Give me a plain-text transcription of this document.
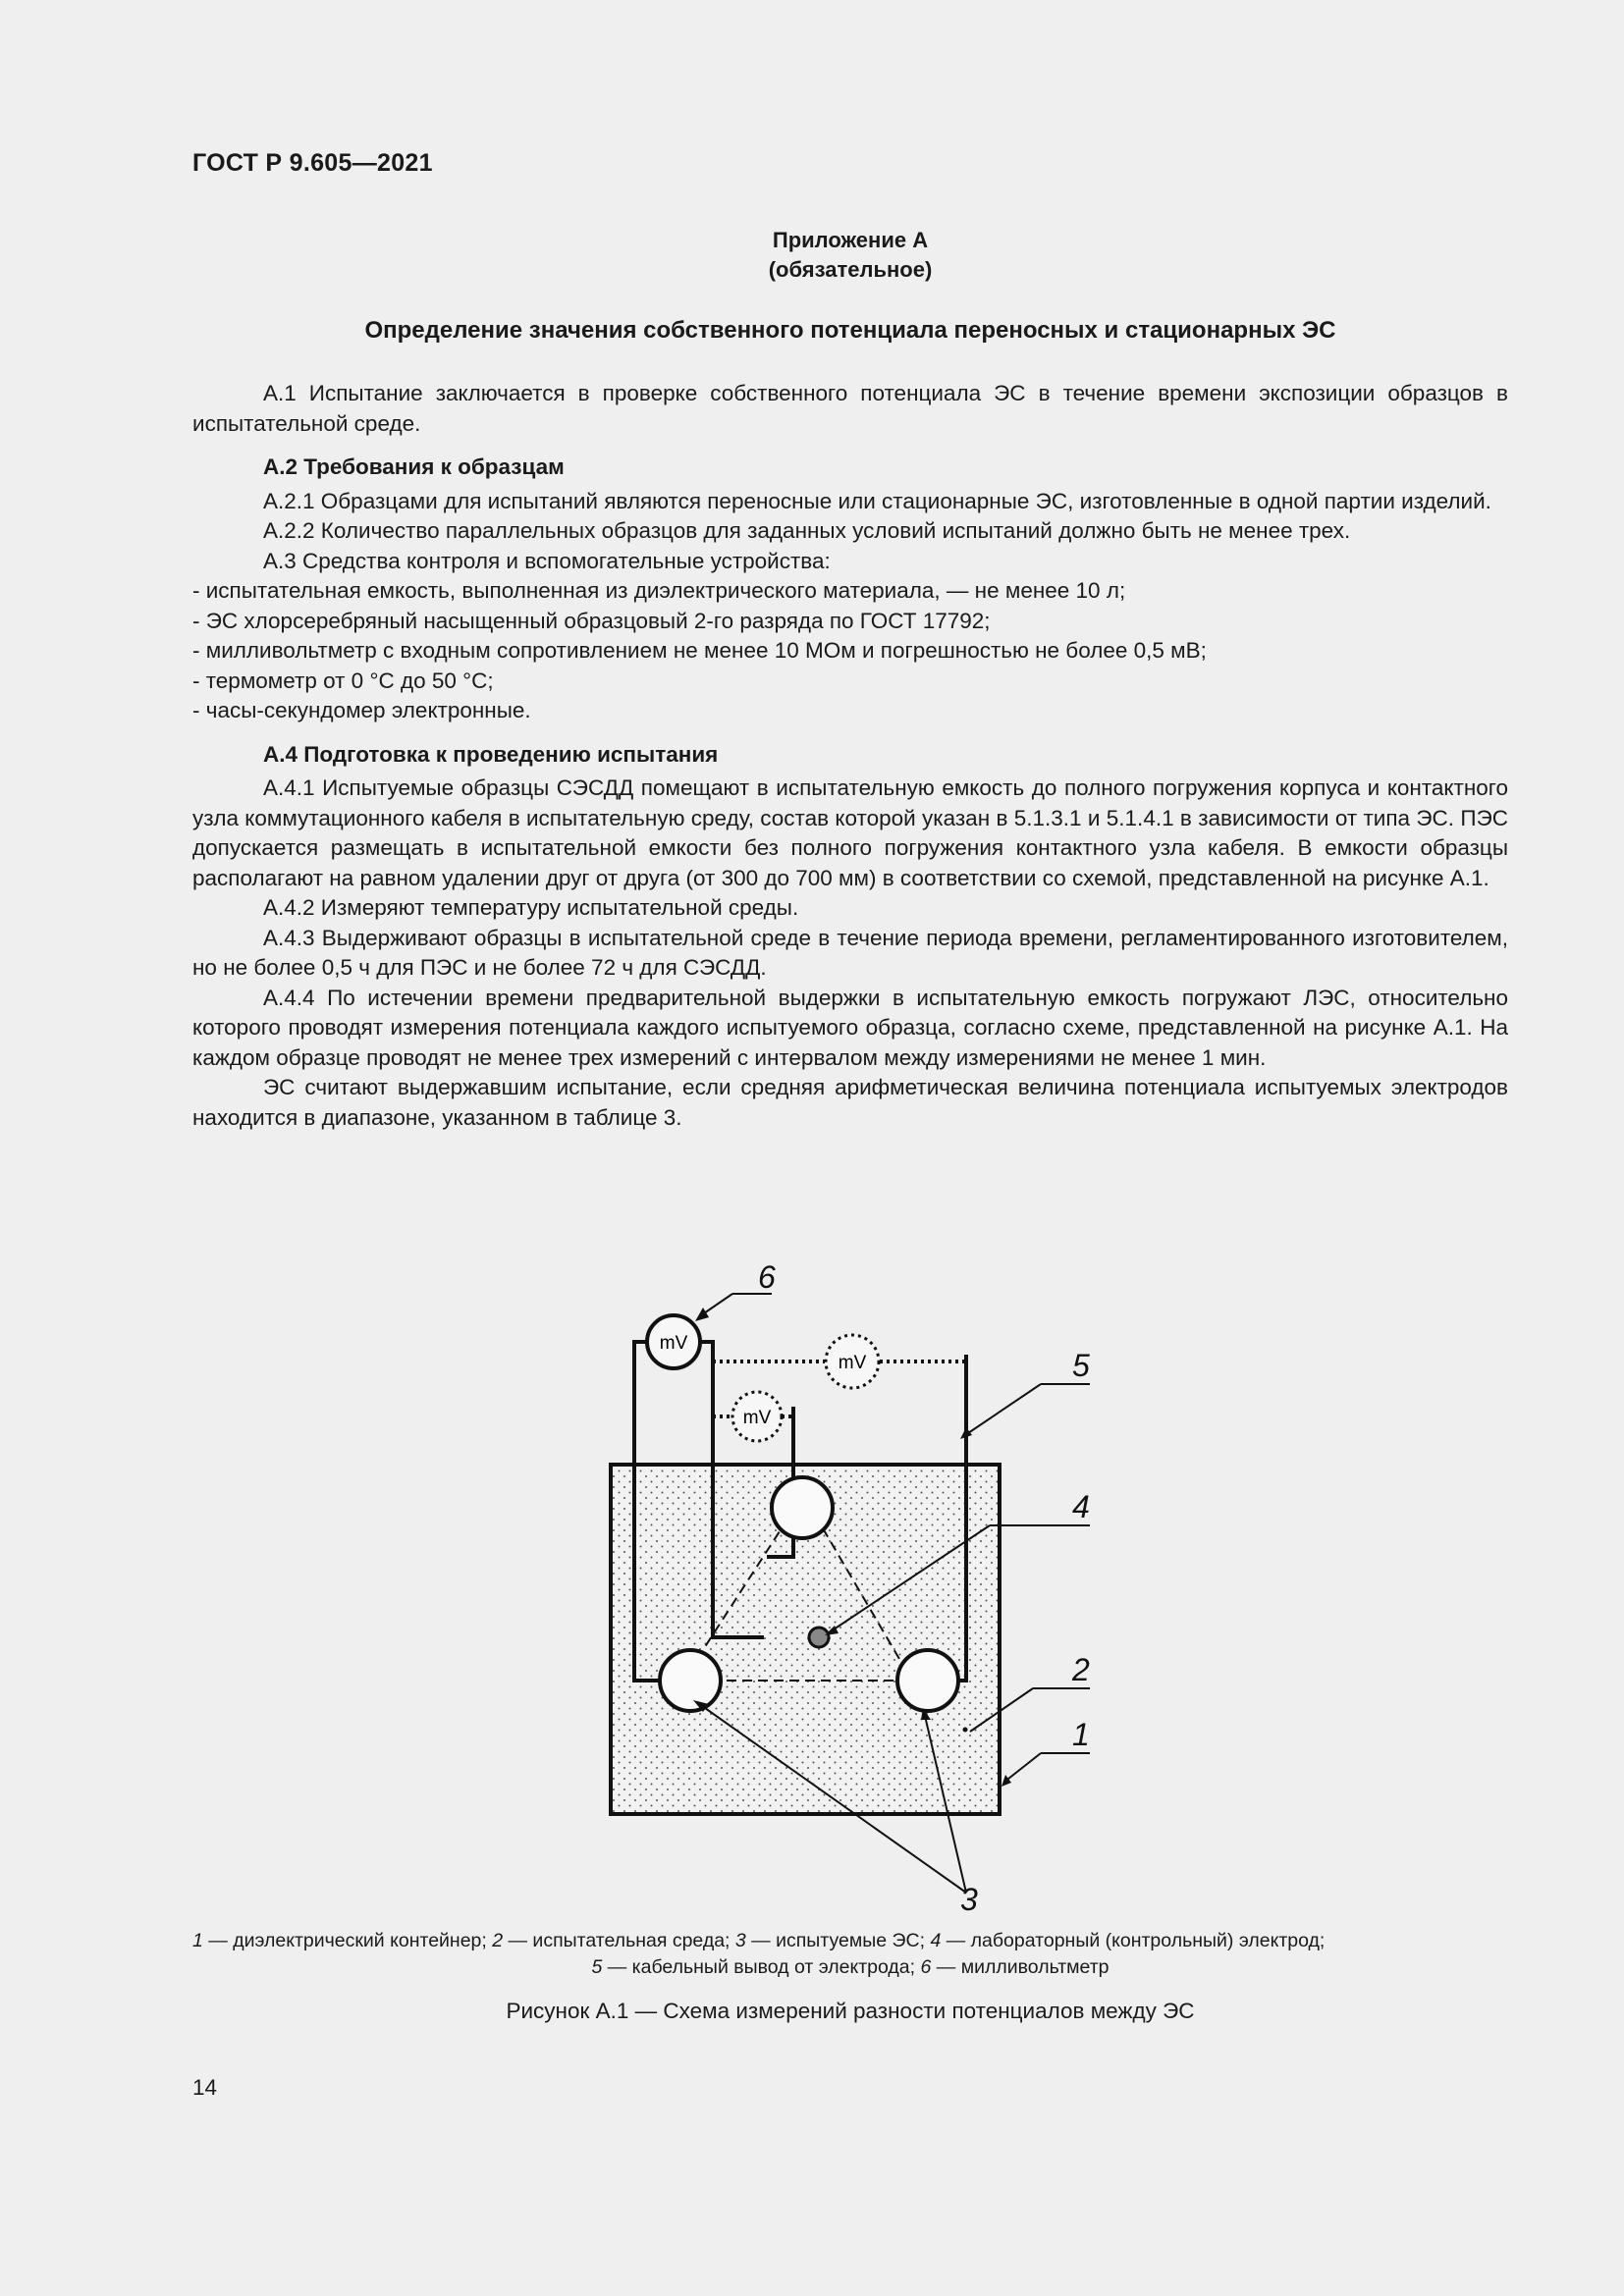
ГОСТ Р 9.605—2021
Приложение А
(обязательное)
Определение значения собственного потенциала переносных и стационарных ЭС

А.1 Испытание заключается в проверке собственного потенциала ЭС в течение времени экспозиции образцов в испытательной среде.

А.2 Требования к образцам

А.2.1 Образцами для испытаний являются переносные или стационарные ЭС, изготовленные в одной партии изделий.

А.2.2 Количество параллельных образцов для заданных условий испытаний должно быть не менее трех.

А.3 Средства контроля и вспомогательные устройства:

- испытательная емкость, выполненная из диэлектрического материала, — не менее 10 л;

- ЭС хлорсеребряный насыщенный образцовый 2-го разряда по ГОСТ 17792;

- милливольтметр с входным сопротивлением не менее 10 МОм и погрешностью не более 0,5 мВ;

- термометр от 0 °С до 50 °С;

- часы-секундомер электронные.

А.4 Подготовка к проведению испытания

А.4.1 Испытуемые образцы СЭСДД помещают в испытательную емкость до полного погружения корпуса и контактного узла коммутационного кабеля в испытательную среду, состав которой указан в 5.1.3.1 и 5.1.4.1 в зависимости от типа ЭС. ПЭС допускается размещать в испытательной емкости без полного погружения контактного узла кабеля. В емкости образцы располагают на равном удалении друг от друга (от 300 до 700 мм) в соответствии со схемой, представленной на рисунке А.1.

А.4.2 Измеряют температуру испытательной среды.

А.4.3 Выдерживают образцы в испытательной среде в течение периода времени, регламентированного изготовителем, но не более 0,5 ч для ПЭС и не более 72 ч для СЭСДД.

А.4.4 По истечении времени предварительной выдержки в испытательную емкость погружают ЛЭС, относительно которого проводят измерения потенциала каждого испытуемого образца, согласно схеме, представленной на рисунке А.1. На каждом образце проводят не менее трех измерений с интервалом между измерениями не менее 1 мин.

ЭС считают выдержавшим испытание, если средняя арифметическая величина потенциала испытуемых электродов находится в диапазоне, указанном в таблице 3.

mV
mV
mV
6
5
4
2
1
3
1 — диэлектрический контейнер; 2 — испытательная среда; 3 — испытуемые ЭС; 4 — лабораторный (контрольный) электрод;
5 — кабельный вывод от электрода; 6 — милливольтметр
Рисунок А.1 — Схема измерений разности потенциалов между ЭС
14
